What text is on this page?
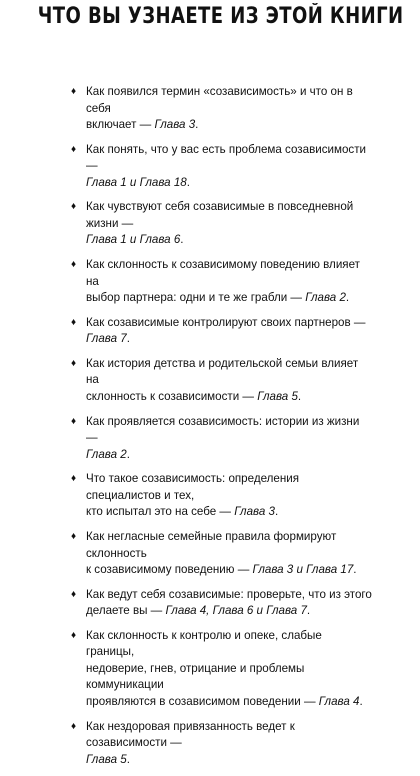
ЧТО ВЫ УЗНАЕТЕ ИЗ ЭТОЙ КНИГИ
♦ Как появился термин «созависимость» и что он в себя
включает — Глава 3.
♦ Как понять, что у вас есть проблема созависимости —
Глава 1 и Глава 18.
♦ Как чувствуют себя созависимые в повседневной жизни —
Глава 1 и Глава 6.
♦ Как склонность к созависимому поведению влияет на
выбор партнера: одни и те же грабли — Глава 2.
♦ Как созависимые контролируют своих партнеров — Глава 7.
♦ Как история детства и родительской семьи влияет на
склонность к созависимости — Глава 5.
♦ Как проявляется созависимость: истории из жизни —
Глава 2.
♦ Что такое созависимость: определения специалистов и тех,
кто испытал это на себе — Глава 3.
♦ Как негласные семейные правила формируют склонность
к созависимому поведению — Глава 3 и Глава 17.
♦ Как ведут себя созависимые: проверьте, что из этого
делаете вы — Глава 4, Глава 6 и Глава 7.
♦ Как склонность к контролю и опеке, слабые границы,
недоверие, гнев, отрицание и проблемы коммуникации
проявляются в созависимом поведении — Глава 4.
♦ Как нездоровая привязанность ведет к созависимости —
Глава 5.
